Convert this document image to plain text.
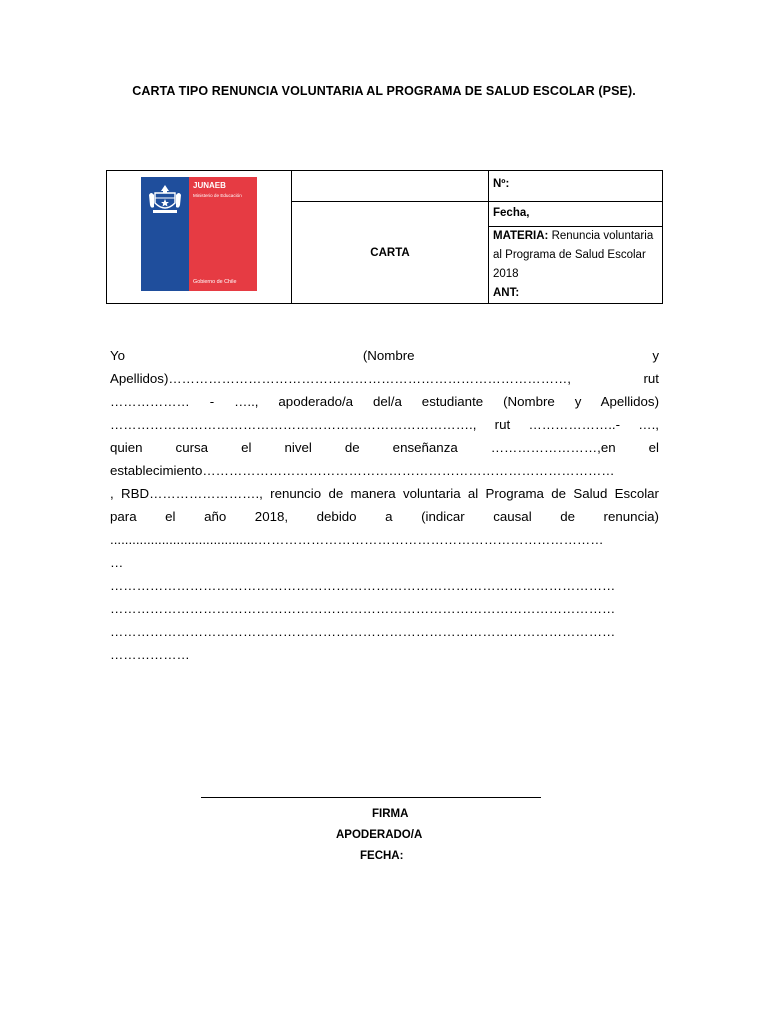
CARTA TIPO RENUNCIA VOLUNTARIA AL PROGRAMA DE SALUD ESCOLAR (PSE).
JUNAEB
Ministerio de Educación
Gobierno de Chile		Nº:

	CARTA	Fecha,

		MATERIA: Renuncia voluntaria al Programa de Salud Escolar 2018
ANT:
Yo (Nombre y
Apellidos)………………………………………………………………………………, rut
……………… - ….., apoderado/a del/a estudiante (Nombre y Apellidos)
………………………………………………………………………., rut ………………..- ….,
quien cursa el nivel de enseñanza ……………………,en el
establecimiento…………………………………………………………………………………
, RBD……………………., renuncio de manera voluntaria al Programa de Salud Escolar
para el año 2018, debido a (indicar causal de renuncia)
........................................……………………………………………………………………
…
……………………………………………………………………………………………………
……………………………………………………………………………………………………
……………………………………………………………………………………………………
………………
FIRMA
APODERADO/A
FECHA:
